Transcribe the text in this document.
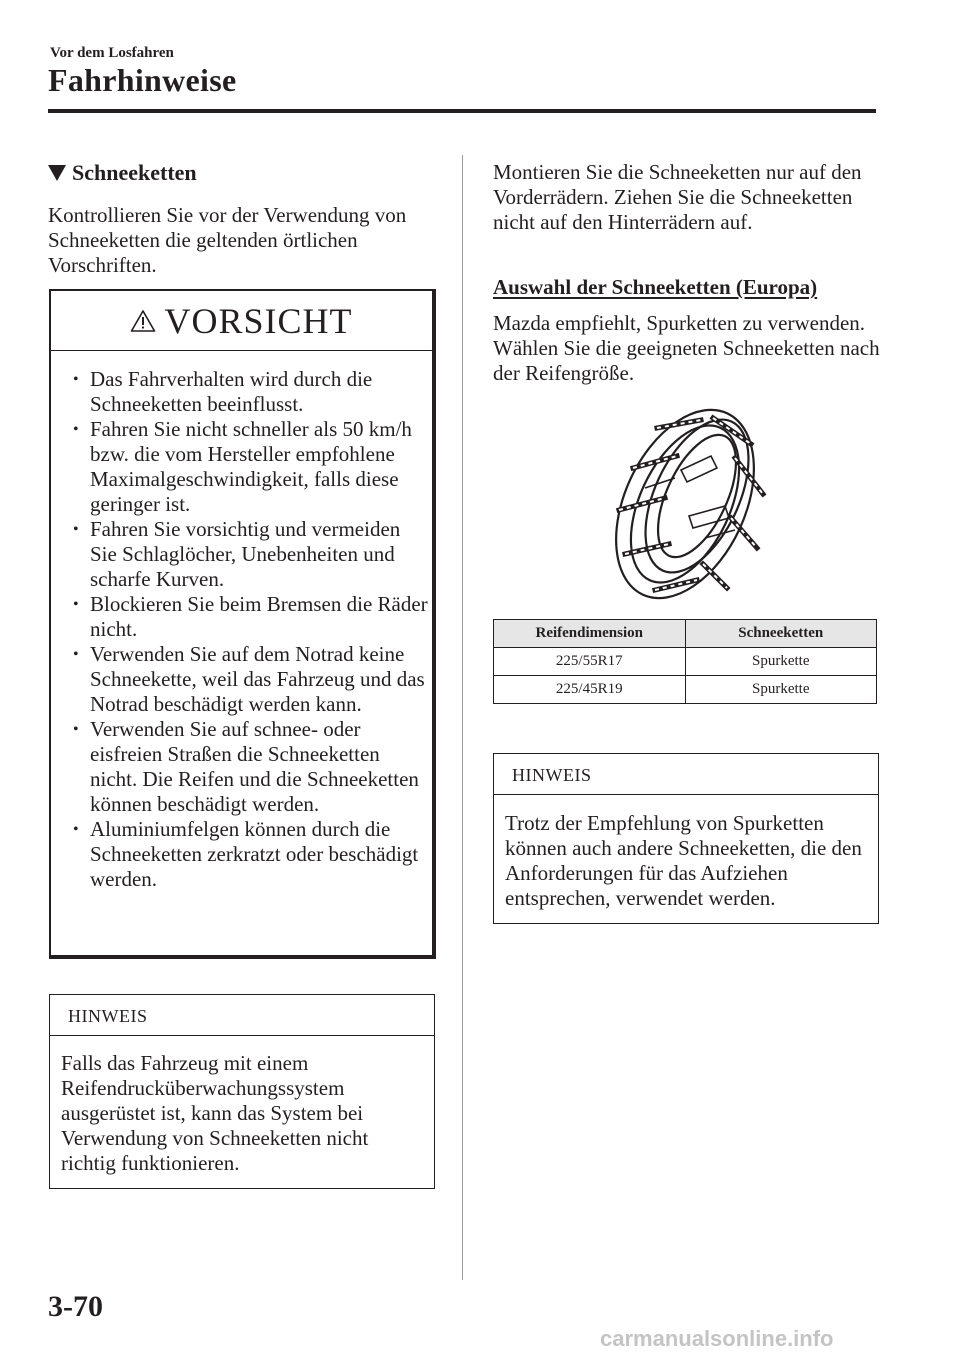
Vor dem Losfahren
Fahrhinweise
Schneeketten
Kontrollieren Sie vor der Verwendung von Schneeketten die geltenden örtlichen Vorschriften.
VORSICHT
• Das Fahrverhalten wird durch die Schneeketten beeinflusst.
• Fahren Sie nicht schneller als 50 km/h bzw. die vom Hersteller empfohlene Maximalgeschwindigkeit, falls diese geringer ist.
• Fahren Sie vorsichtig und vermeiden Sie Schlaglöcher, Unebenheiten und scharfe Kurven.
• Blockieren Sie beim Bremsen die Räder nicht.
• Verwenden Sie auf dem Notrad keine Schneekette, weil das Fahrzeug und das Notrad beschädigt werden kann.
• Verwenden Sie auf schnee- oder eisfreien Straßen die Schneeketten nicht. Die Reifen und die Schneeketten können beschädigt werden.
• Aluminiumfelgen können durch die Schneeketten zerkratzt oder beschädigt werden.
HINWEIS
Falls das Fahrzeug mit einem Reifendrucküberwachungssystem ausgerüstet ist, kann das System bei Verwendung von Schneeketten nicht richtig funktionieren.
Montieren Sie die Schneeketten nur auf den Vorderrädern. Ziehen Sie die Schneeketten nicht auf den Hinterrädern auf.
Auswahl der Schneeketten (Europa)
Mazda empfiehlt, Spurketten zu verwenden. Wählen Sie die geeigneten Schneeketten nach der Reifengröße.
Reifendimension	Schneeketten
225/55R17	Spurkette
225/45R19	Spurkette
HINWEIS
Trotz der Empfehlung von Spurketten können auch andere Schneeketten, die den Anforderungen für das Aufziehen entsprechen, verwendet werden.
3-70
carmanualsonline.info
